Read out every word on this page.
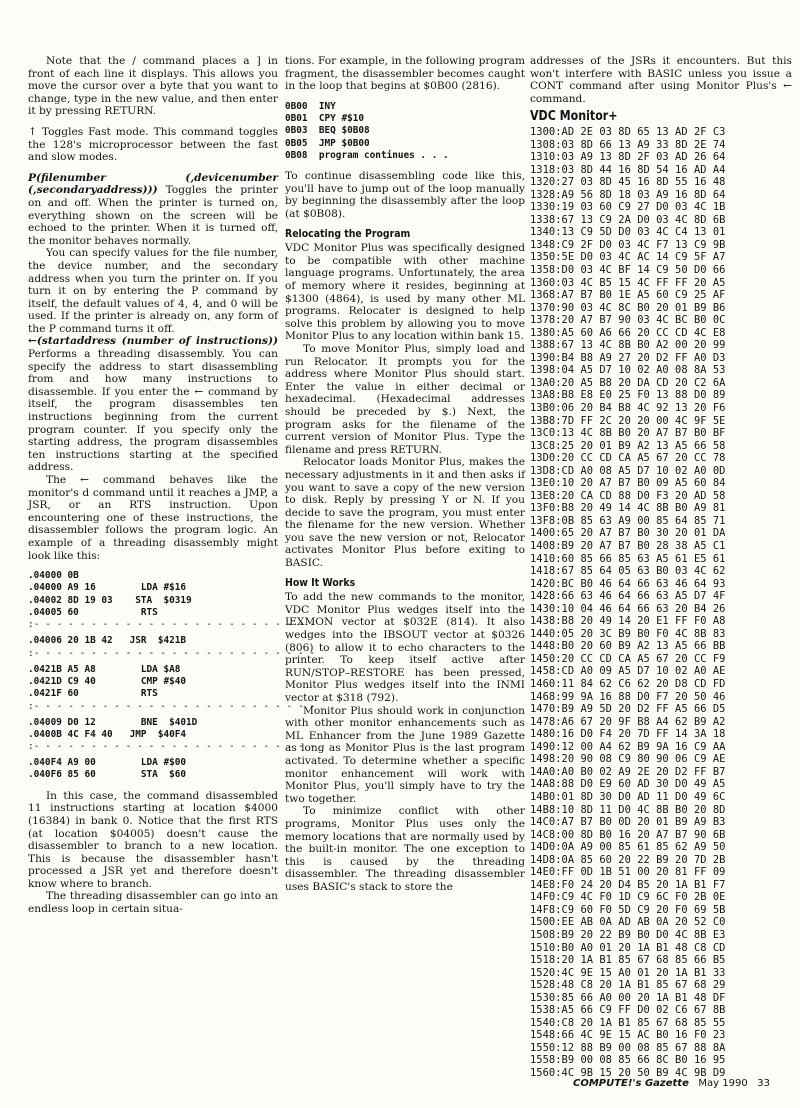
Note that the / command places a ] in front of each line it displays. This allows you move the cursor over a byte that you want to change, type in the new value, and then enter it by pressing RETURN.

↑ Toggles Fast mode. This command toggles the 128's microprocessor between the fast and slow modes.

P(filenumber (,devicenumber (,secondaryaddress))) Toggles the printer on and off. When the printer is turned on, everything shown on the screen will be echoed to the printer. When it is turned off, the monitor behaves normally.

You can specify values for the file number, the device number, and the secondary address when you turn the printer on. If you turn it on by entering the P command by itself, the default values of 4, 4, and 0 will be used. If the printer is already on, any form of the P command turns it off.

←(startaddress (number of instructions)) Performs a threading disassembly. You can specify the address to start disassembling from and how many instructions to disassemble. If you enter the ← command by itself, the program disassembles ten instructions beginning from the current program counter. If you specify only the starting address, the program disassembles ten instructions starting at the specified address.

The ← command behaves like the monitor's d command until it reaches a JMP, a JSR, or an RTS instruction. Upon encountering one of these instructions, the disassembler follows the program logic. An example of a threading disassembly might look like this:

.04000 0B
.04000 A9 16        LDA #$16
.04002 8D 19 03    STA  $0319
.04005 60           RTS
:- - - - - - - - - - - - - - - - - - - - - - - - -
.04006 20 1B 42   JSR  $421B
:- - - - - - - - - - - - - - - - - - - - - - - - -
.0421B A5 A8        LDA $A8
.0421D C9 40        CMP #$40
.0421F 60           RTS
:- - - - - - - - - - - - - - - - - - - - - - - - -
.04009 D0 12        BNE  $401D
.0400B 4C F4 40   JMP  $40F4
:- - - - - - - - - - - - - - - - - - - - - - - - -
.040F4 A9 00        LDA #$00
.040F6 85 60        STA  $60

In this case, the command disassembled 11 instructions starting at location $4000 (16384) in bank 0. Notice that the first RTS (at location $04005) doesn't cause the disassembler to branch to a new location. This is because the disassembler hasn't processed a JSR yet and therefore doesn't know where to branch.

The threading disassembler can go into an endless loop in certain situa-

tions. For example, in the following program fragment, the disassembler becomes caught in the loop that begins at $0B00 (2816).

0B00  INY
0B01  CPY #$10
0B03  BEQ $0B08
0B05  JMP $0B00
0B08  program continues . . .

To continue disassembling code like this, you'll have to jump out of the loop manually by beginning the disassembly after the loop (at $0B08).

Relocating the Program

VDC Monitor Plus was specifically designed to be compatible with other machine language programs. Unfortunately, the area of memory where it resides, beginning at $1300 (4864), is used by many other ML programs. Relocater is designed to help solve this problem by allowing you to move Monitor Plus to any location within bank 15.

To move Monitor Plus, simply load and run Relocator. It prompts you for the address where Monitor Plus should start. Enter the value in either decimal or hexadecimal. (Hexadecimal addresses should be preceded by $.) Next, the program asks for the filename of the current version of Monitor Plus. Type the filename and press RETURN.

Relocator loads Monitor Plus, makes the necessary adjustments in it and then asks if you want to save a copy of the new version to disk. Reply by pressing Y or N. If you decide to save the program, you must enter the filename for the new version. Whether you save the new version or not, Relocator activates Monitor Plus before exiting to BASIC.

How It Works

To add the new commands to the monitor, VDC Monitor Plus wedges itself into the IEXMON vector at $032E (814). It also wedges into the IBSOUT vector at $0326 (806) to allow it to echo characters to the printer. To keep itself active after RUN/STOP–RESTORE has been pressed, Monitor Plus wedges itself into the INMI vector at $318 (792).

Monitor Plus should work in conjunction with other monitor enhancements such as ML Enhancer from the June 1989 Gazette as long as Monitor Plus is the last program activated. To determine whether a specific monitor enhancement will work with Monitor Plus, you'll simply have to try the two together.

To minimize conflict with other programs, Monitor Plus uses only the memory locations that are normally used by the built-in monitor. The one exception to this is caused by the threading disassembler. The threading disassembler uses BASIC's stack to store the

addresses of the JSRs it encounters. But this won't interfere with BASIC unless you issue a CONT command after using Monitor Plus's ← command.

VDC Monitor+
1300:AD 2E 03 8D 65 13 AD 2F C3
1308:03 8D 66 13 A9 33 8D 2E 74
1310:03 A9 13 8D 2F 03 AD 26 64
1318:03 8D 44 16 8D 54 16 AD A4
1320:27 03 8D 45 16 8D 55 16 48
1328:A9 56 8D 18 03 A9 16 8D 64
1330:19 03 60 C9 27 D0 03 4C 1B
1338:67 13 C9 2A D0 03 4C 8D 6B
1340:13 C9 5D D0 03 4C C4 13 01
1348:C9 2F D0 03 4C F7 13 C9 9B
1350:5E D0 03 4C AC 14 C9 5F A7
1358:D0 03 4C BF 14 C9 50 D0 66
1360:03 4C B5 15 4C FF FF 20 A5
1368:A7 B7 B0 1E A5 60 C9 25 AF
1370:90 03 4C 8C B0 20 01 B9 B6
1378:20 A7 B7 90 03 4C BC B0 0C
1380:A5 60 A6 66 20 CC CD 4C E8
1388:67 13 4C 8B B0 A2 00 20 99
1390:B4 B8 A9 27 20 D2 FF A0 D3
1398:04 A5 D7 10 02 A0 08 8A 53
13A0:20 A5 B8 20 DA CD 20 C2 6A
13A8:B8 E8 E0 25 F0 13 88 D0 89
13B0:06 20 B4 B8 4C 92 13 20 F6
13B8:7D FF 2C 20 20 00 4C 9F 5E
13C0:13 4C 8B B0 20 A7 B7 B0 BF
13C8:25 20 01 B9 A2 13 A5 66 58
13D0:20 CC CD CA A5 67 20 CC 78
13D8:CD A0 08 A5 D7 10 02 A0 0D
13E0:10 20 A7 B7 B0 09 A5 60 84
13E8:20 CA CD 88 D0 F3 20 AD 58
13F0:B8 20 49 14 4C 8B B0 A9 81
13F8:0B 85 63 A9 00 85 64 85 71
1400:65 20 A7 B7 B0 30 20 01 DA
1408:B9 20 A7 B7 B0 28 38 A5 C1
1410:60 85 66 85 63 A5 61 E5 61
1418:67 85 64 05 63 B0 03 4C 62
1420:BC B0 46 64 66 63 46 64 93
1428:66 63 46 64 66 63 A5 D7 4F
1430:10 04 46 64 66 63 20 B4 26
1438:B8 20 49 14 20 E1 FF F0 A8
1440:05 20 3C B9 B0 F0 4C 8B 83
1448:B0 20 60 B9 A2 13 A5 66 BB
1450:20 CC CD CA A5 67 20 CC F9
1458:CD A0 09 A5 D7 10 02 A0 AE
1460:11 84 62 C6 62 20 D8 CD FD
1468:99 9A 16 88 D0 F7 20 50 46
1470:B9 A9 5D 20 D2 FF A5 66 D5
1478:A6 67 20 9F B8 A4 62 B9 A2
1480:16 D0 F4 20 7D FF 14 3A 18
1490:12 00 A4 62 B9 9A 16 C9 AA
1498:20 90 08 C9 80 90 06 C9 AE
14A0:A0 B0 02 A9 2E 20 D2 FF B7
14A8:88 D0 E9 60 AD 30 D0 49 A5
14B0:01 8D 30 D0 AD 11 D0 49 6C
14B8:10 8D 11 D0 4C 8B B0 20 8D
14C0:A7 B7 B0 0D 20 01 B9 A9 B3
14C8:00 8D B0 16 20 A7 B7 90 6B
14D0:0A A9 00 85 61 85 62 A9 50
14D8:0A 85 60 20 22 B9 20 7D 2B
14E0:FF 0D 1B 51 00 20 81 FF 09
14E8:F0 24 20 D4 B5 20 1A B1 F7
14F0:C9 4C F0 1D C9 6C F0 2B 0E
14F8:C9 60 F0 5D C9 20 F0 69 5B
1500:EE AB 0A AD AB 0A 20 52 C0
1508:B9 20 22 B9 B0 D0 4C 8B E3
1510:B0 A0 01 20 1A B1 48 C8 CD
1518:20 1A B1 85 67 68 85 66 B5
1520:4C 9E 15 A0 01 20 1A B1 33
1528:48 C8 20 1A B1 85 67 68 29
1530:85 66 A0 00 20 1A B1 48 DF
1538:A5 66 C9 FF D0 02 C6 67 8B
1540:C8 20 1A B1 85 67 68 85 55
1548:66 4C 9E 15 AC B0 16 F0 23
1550:12 88 B9 00 08 85 67 88 8A
1558:B9 00 08 85 66 8C B0 16 95
1560:4C 9B 15 20 50 B9 4C 9B D9
COMPUTE!'s Gazette May 1990 33
